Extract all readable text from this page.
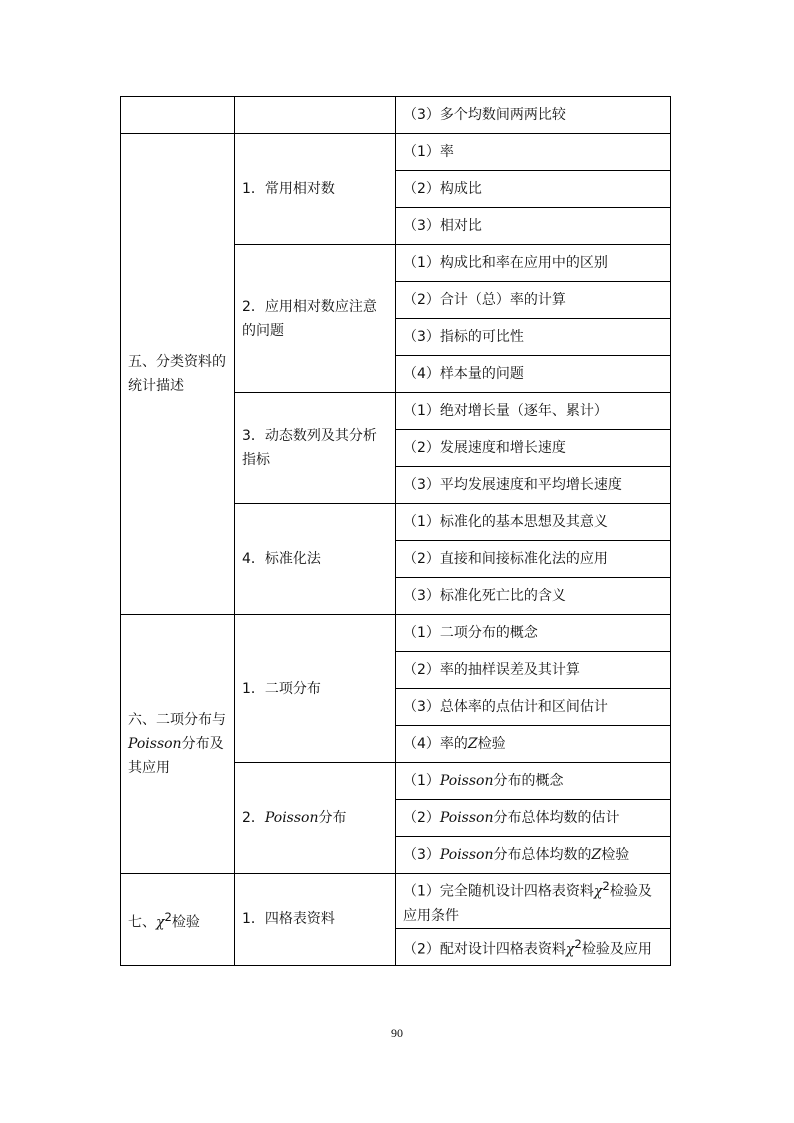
		（3）多个均数间两两比较
五、分类资料的统计描述	1．常用相对数	（1）率
		（2）构成比
		（3）相对比
	2．应用相对数应注意的问题	（1）构成比和率在应用中的区别
		（2）合计（总）率的计算
		（3）指标的可比性
		（4）样本量的问题
	3．动态数列及其分析指标	（1）绝对增长量（逐年、累计）
		（2）发展速度和增长速度
		（3）平均发展速度和平均增长速度
	4．标准化法	（1）标准化的基本思想及其意义
		（2）直接和间接标准化法的应用
		（3）标准化死亡比的含义
六、二项分布与Poisson分布及其应用	1．二项分布	（1）二项分布的概念
		（2）率的抽样误差及其计算
		（3）总体率的点估计和区间估计
		（4）率的Z检验
	2．Poisson分布	（1）Poisson分布的概念
		（2）Poisson分布总体均数的估计
		（3）Poisson分布总体均数的Z检验
七、$\chi^2$检验	1．四格表资料	（1）完全随机设计四格表资料$\chi^2$检验及应用条件
		（2）配对设计四格表资料$\chi^2$检验及应用
90
